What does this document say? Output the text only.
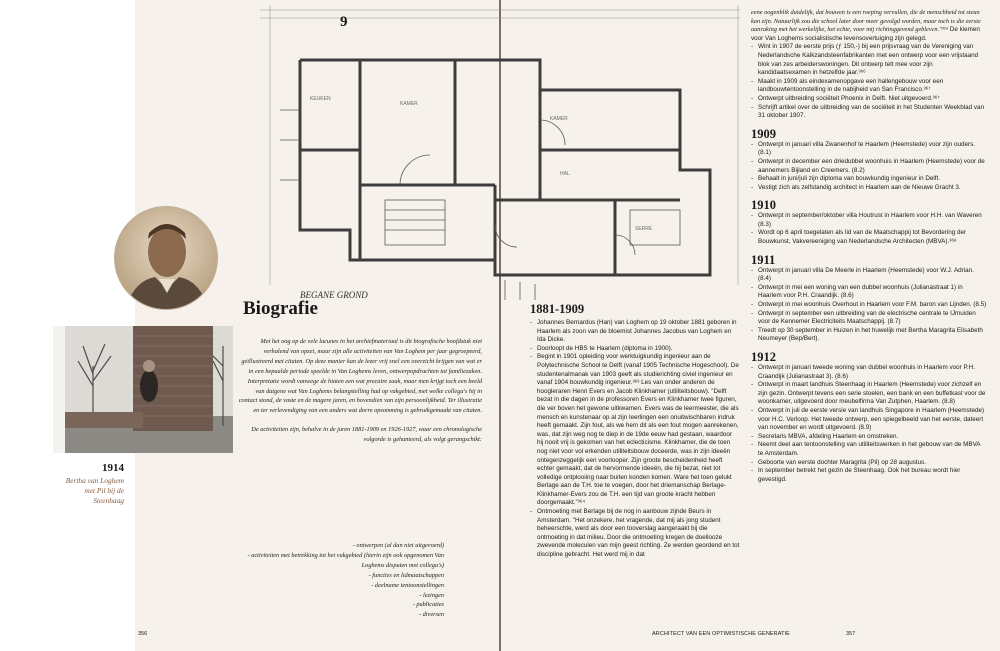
KAMER
KAMER
KEUKEN
HAL
SERRE
BEGANE GROND
9
1914
Bertha van Loghem met Pil bij de Steenhaag
Biografie

Met het oog op de vele lacunes in het archiefmateriaal is dit biografische hoofdstuk niet verhalend van opzet, maar zijn alle activiteiten van Van Loghem per jaar gegroepeerd, geïllustreerd met citaten. Op deze manier kan de lezer vrij snel een overzicht krijgen van wat er in een bepaalde periode speelde in Van Loghems leven, ontwerpopdrachten tot familiezaken. Interpretatie wordt vanwege de hiaten een wat precaire zaak, maar men krijgt toch een beeld van datgene wat Van Loghems belangstelling had op vakgebied, met welke collega's hij in contact stond, de vaste en de magere jaren, en bovendien van zijn persoonlijkheid. Ter illustratie en ter verlevendiging van een anders wat dorre opsomming is gebruikgemaakt van citaten.

De activiteiten zijn, behalve in de jaren 1881-1909 en 1926-1927, waar een chronologische volgorde is gehanteerd, als volgt gerangschikt:

- ontwerpen (al dan niet uitgevoerd)
- activiteiten met betrekking tot het vakgebied (hierin zijn ook opgenomen Van Loghems disputen met collega's)
- functies en lidmaatschappen
- deelname tentoonstellingen
- lezingen
- publicaties
- diversen
356
1881-1909
- Johannes Bernardus (Han) van Loghem op 19 oktober 1881 geboren in Haarlem als zoon van de bloemist Johannes Jacobus van Loghem en Ida Dicke.
- Doorloopt de HBS te Haarlem (diploma in 1900).
- Begint in 1901 opleiding voor werktuigkundig ingenieur aan de Polytechnische School te Delft (vanaf 1905 Technische Hogeschool). De studentenalmanak van 1903 geeft als studierichting civiel ingenieur en vanaf 1904 bouwkundig ingenieur.³⁶³ Les van onder anderen de hoogleraren Henri Evers en Jacob Klinkhamer (utiliteitsbouw). "Delft bezat in die dagen in de professoren Evers en Klinkhamer twee figuren, die ver boven het gewone uitkwamen. Evers was de leermeester, die als mensch en kunstenaar op al zijn leerlingen een onuitwischbaren indruk heeft gemaakt. Zijn fout, als we hem dit als een fout mogen aanrekenen, was, dat zijn weg nog te diep in de 19de eeuw had gestaan, waardoor hij nooit vrij is gekomen van het eclecticisme. Klinkhamer, die de toen nog niet voor vol erkenden utiliteitsbouw doceerde, was in zijn ideeën ontegenzeggelijk een voorlooper. Zijn groote bescheidenheid heeft echter gemaakt, dat de hervormende ideeën, die hij bezat, niet tot volledige ontplooiing naar buiten konden komen. Ware het toen gelukt Berlage aan de T.H. toe te voegen, door het driemanschap Berlage-Klinkhamer-Evers zou de T.H. een tijd van groote kracht hebben doorgemaakt."³⁶⁴
- Ontmoeting met Berlage bij de nog in aanbouw zijnde Beurs in Amsterdam. "Het onzekere, het vragende, dat mij als jong student beheerschte, werd als door een tooverslag aangeraakt bij die ontmoeting in dat milieu. Door die ontmoeting kregen de doellooze zwevende moleculen van mijn geest richting. Ze werden geordend en tot discipline gebracht. Het werd mij in dat

eene oogenblik duidelijk, dat bouwen is een roeping vervullen, die de menschheid tot steun kan zijn. Natuurlijk zou die school later door meer gevolgd worden, maar toch is die eerste aanraking met het werkelijke, het echte, voor mij richtinggevend geblevcn."³⁶⁵ De kiemen voor Van Loghems socialistische levensovertuiging zijn gelegd.

- Wint in 1907 de eerste prijs (ƒ 150,-) bij een prijsvraag van de Vereniging van Nederlandsche Kalkzandsteenfabrikanten met een ontwerp voor een vrijstaand blok van zes arbeiderswoningen. Dit ontwerp telt mee voor zijn kandidaatsexamen in hetzelfde jaar.³⁶⁶
- Maakt in 1909 als eindexamenopgave een hallengebouw voor een landbouwtentoonstelling in de nabijheid van San Francisco.³⁶⁷
- Ontwerpt uitbreiding sociëteit Phoenix in Delft. Niet uitgevoerd.³⁶⁷
- Schrijft artikel over de uitbreiding van de sociëteit in het Studenten Weekblad van 31 oktober 1907.
1909
- Ontwerpt in januari villa Zwanenhof te Haarlem (Heemstede) voor zijn ouders. (8.1)
- Ontwerpt in december een driedubbel woonhuis in Haarlem (Heemstede) voor de aannemers Bijland en Creemers. (8.2)
- Behaalt in juni/juli zijn diploma van bouwkundig ingenieur in Delft.
- Vestigt zich als zelfstandig architect in Haarlem aan de Nieuwe Gracht 3.
1910
- Ontwerpt in september/oktober villa Houtrust in Haarlem voor H.H. van Waveren (8.3)
- Wordt op 6 april toegelaten als lid van de Maatschappij tot Bevordering der Bouwkunst, Vakvereeniging van Nederlandsche Architecten (MBVA).³⁶⁸
1911
- Ontwerpt in januari villa De Meerle in Haarlem (Heemstede) voor W.J. Adrian. (8.4)
- Ontwerpt in mei een woning van een dubbel woonhuis (Julianastraat 1) in Haarlem voor P.H. Craandijk. (8.6)
- Ontwerpt in mei woonhuis Overhout in Haarlem voor F.M. baron van Lijnden. (8.5)
- Ontwerpt in september een uitbreiding van de electrische centrale te IJmuiden voor de Kennemer Electriciteits Maatschappij. (8.7)
- Treedt op 30 september in Huizen in het huwelijk met Bertha Maragrita Elisabeth Neumeyer (Bep/Bert).
1912
- Ontwerpt in januari tweede woning van dubbel woonhuis in Haarlem voor P.H. Craandijk (Julianastraat 3). (8.6)
- Ontwerpt in maart landhuis Steenhaag in Haarlem (Heemstede) voor zichzelf en zijn gezin. Ontwerpt tevens een serie stoelen, een bank en een buffetkast voor de woonkamer, uitgevoerd door meubelfirma Van Zutphen, Haarlem. (8.8)
- Ontwerpt in juli de eerste versie van landhuis Singapore in Haarlem (Heemstede) voor H.C. Verloop. Het tweede ontwerp, een spiegelbeeld van het eerste, dateert van november en wordt uitgevoerd. (8.9)
- Secretaris MBVA, afdeling Haarlem en omstreken.
- Neemt deel aan tentoonstelling van utiliteitswerken in het gebouw van de MBVA te Amsterdam.
- Geboorte van eerste dochter Maragrita (Pil) op 28 augustus.
- In september betrekt het gezin de Steenhaag. Ook het bureau wordt hier gevestigd.
ARCHITECT VAN EEN OPTIMISTISCHE GENERATIE	357
